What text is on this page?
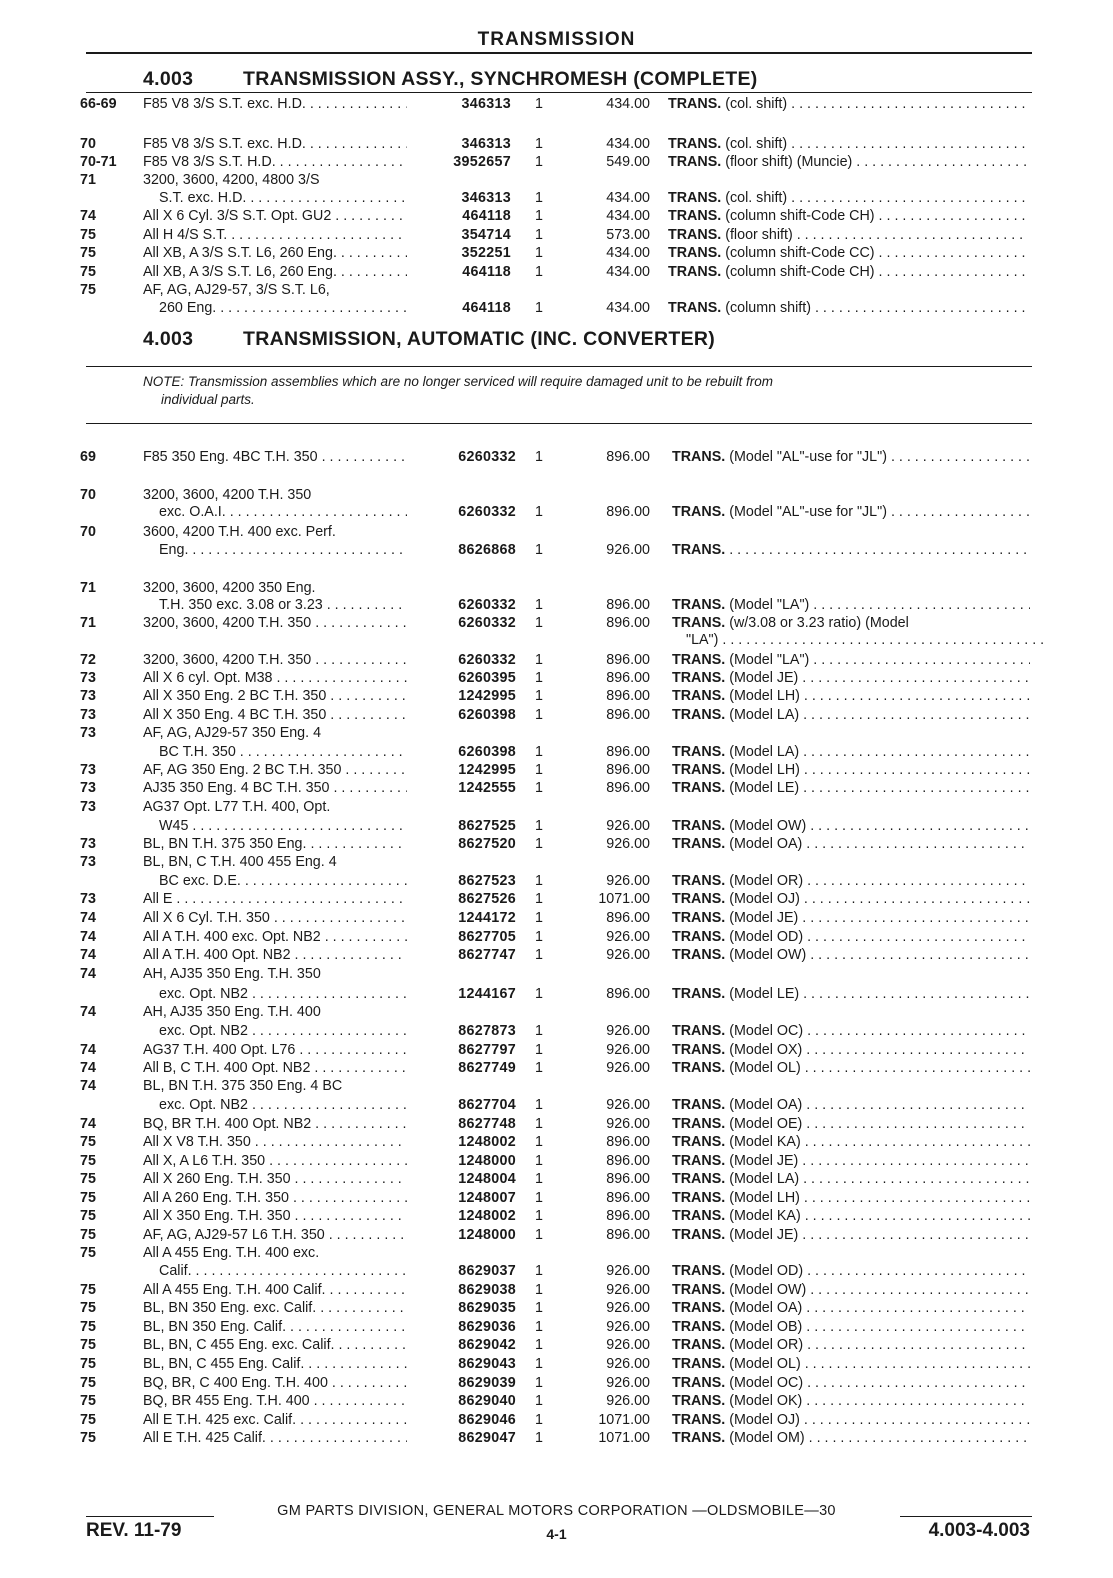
TRANSMISSION
4.003	TRANSMISSION ASSY., SYNCHROMESH (COMPLETE)
66-69 F85 V8 3/S S.T. exc. H.D. . . .	346313 1	434.00 TRANS. (col. shift) . . .
70	F85 V8 3/S S.T. exc. H.D. . . .	346313 1	434.00 TRANS. (col. shift) . . .
70-71 F85 V8 3/S S.T. H.D. . . .	3952657 1	549.00 TRANS. (floor shift) (Muncie) . . .
71	3200, 3600, 4200, 4800 3/S
S.T. exc. H.D. . . .	346313 1	434.00 TRANS. (col. shift) . . .
74	All X 6 Cyl. 3/S S.T. Opt. GU2 . . .	464118 1	434.00 TRANS. (column shift-Code CH) . . .
75	All H 4/S S.T. . . .	354714 1	573.00 TRANS. (floor shift) . . .
75	All XB, A 3/S S.T. L6, 260 Eng. . . .	352251 1	434.00 TRANS. (column shift-Code CC) . . .
75	All XB, A 3/S S.T. L6, 260 Eng. . . .	464118 1	434.00 TRANS. (column shift-Code CH) . . .
75	AF, AG, AJ29-57, 3/S S.T. L6,
260 Eng. . . .	464118 1	434.00 TRANS. (column shift) . . .
4.003	TRANSMISSION, AUTOMATIC (INC. CONVERTER)
NOTE: Transmission assemblies which are no longer serviced will require damaged unit to be rebuilt from
individual parts.
69	F85 350 Eng. 4BC T.H. 350 . . .	6260332 1	896.00 TRANS. (Model "AL"-use for "JL") . . .
70	3200, 3600, 4200 T.H. 350
exc. O.A.I. . . .	6260332 1	896.00 TRANS. (Model "AL"-use for "JL") . . .
70	3600, 4200 T.H. 400 exc. Perf.
Eng. . . .	8626868 1	926.00 TRANS. . . .
71	3200, 3600, 4200 350 Eng.
T.H. 350 exc. 3.08 or 3.23 . . .	6260332 1	896.00 TRANS. (Model "LA") . . .
71	3200, 3600, 4200 T.H. 350 . . .	6260332 1	896.00 TRANS. (w/3.08 or 3.23 ratio) (Model
"LA") . . .
72	3200, 3600, 4200 T.H. 350 . . .	6260332 1	896.00 TRANS. (Model "LA") . . .
73	All X 6 cyl. Opt. M38 . . .	6260395 1	896.00 TRANS. (Model JE) . . .
73	All X 350 Eng. 2 BC T.H. 350 . . .	1242995 1	896.00 TRANS. (Model LH) . . .
73	All X 350 Eng. 4 BC T.H. 350 . . .	6260398 1	896.00 TRANS. (Model LA) . . .
73	AF, AG, AJ29-57 350 Eng. 4
BC T.H. 350 . . .	6260398 1	896.00 TRANS. (Model LA) . . .
73	AF, AG 350 Eng. 2 BC T.H. 350 . . .	1242995 1	896.00 TRANS. (Model LH) . . .
73	AJ35 350 Eng. 4 BC T.H. 350 . . .	1242555 1	896.00 TRANS. (Model LE) . . .
73	AG37 Opt. L77 T.H. 400, Opt.
W45 . . .	8627525 1	926.00 TRANS. (Model OW) . . .
73	BL, BN T.H. 375 350 Eng. . . .	8627520 1	926.00 TRANS. (Model OA) . . .
73	BL, BN, C T.H. 400 455 Eng. 4
BC exc. D.E. . . .	8627523 1	926.00 TRANS. (Model OR) . . .
73	All E . . .	8627526 1	1071.00 TRANS. (Model OJ) . . .
74	All X 6 Cyl. T.H. 350 . . .	1244172 1	896.00 TRANS. (Model JE) . . .
74	All A T.H. 400 exc. Opt. NB2 . . .	8627705 1	926.00 TRANS. (Model OD) . . .
74	All A T.H. 400 Opt. NB2 . . .	8627747 1	926.00 TRANS. (Model OW) . . .
74	AH, AJ35 350 Eng. T.H. 350
exc. Opt. NB2 . . .	1244167 1	896.00 TRANS. (Model LE) . . .
74	AH, AJ35 350 Eng. T.H. 400
exc. Opt. NB2 . . .	8627873 1	926.00 TRANS. (Model OC) . . .
74	AG37 T.H. 400 Opt. L76 . . .	8627797 1	926.00 TRANS. (Model OX) . . .
74	All B, C T.H. 400 Opt. NB2 . . .	8627749 1	926.00 TRANS. (Model OL) . . .
74	BL, BN T.H. 375 350 Eng. 4 BC
exc. Opt. NB2 . . .	8627704 1	926.00 TRANS. (Model OA) . . .
74	BQ, BR T.H. 400 Opt. NB2 . . .	8627748 1	926.00 TRANS. (Model OE) . . .
75	All X V8 T.H. 350 . . .	1248002 1	896.00 TRANS. (Model KA) . . .
75	All X, A L6 T.H. 350 . . .	1248000 1	896.00 TRANS. (Model JE) . . .
75	All X 260 Eng. T.H. 350 . . .	1248004 1	896.00 TRANS. (Model LA) . . .
75	All A 260 Eng. T.H. 350 . . .	1248007 1	896.00 TRANS. (Model LH) . . .
75	All X 350 Eng. T.H. 350 . . .	1248002 1	896.00 TRANS. (Model KA) . . .
75	AF, AG, AJ29-57 L6 T.H. 350 . . .	1248000 1	896.00 TRANS. (Model JE) . . .
75	All A 455 Eng. T.H. 400 exc.
Calif. . . .	8629037 1	926.00 TRANS. (Model OD) . . .
75	All A 455 Eng. T.H. 400 Calif. . . .	8629038 1	926.00 TRANS. (Model OW) . . .
75	BL, BN 350 Eng. exc. Calif. . . .	8629035 1	926.00 TRANS. (Model OA) . . .
75	BL, BN 350 Eng. Calif. . . .	8629036 1	926.00 TRANS. (Model OB) . . .
75	BL, BN, C 455 Eng. exc. Calif. . . .	8629042 1	926.00 TRANS. (Model OR) . . .
75	BL, BN, C 455 Eng. Calif. . . .	8629043 1	926.00 TRANS. (Model OL) . . .
75	BQ, BR, C 400 Eng. T.H. 400 . . .	8629039 1	926.00 TRANS. (Model OC) . . .
75	BQ, BR 455 Eng. T.H. 400 . . .	8629040 1	926.00 TRANS. (Model OK) . . .
75	All E T.H. 425 exc. Calif. . . .	8629046 1	1071.00 TRANS. (Model OJ) . . .
75	All E T.H. 425 Calif. . . .	8629047 1	1071.00 TRANS. (Model OM) . . .
GM PARTS DIVISION, GENERAL MOTORS CORPORATION —OLDSMOBILE—30
REV. 11-79	4-1	4.003-4.003
